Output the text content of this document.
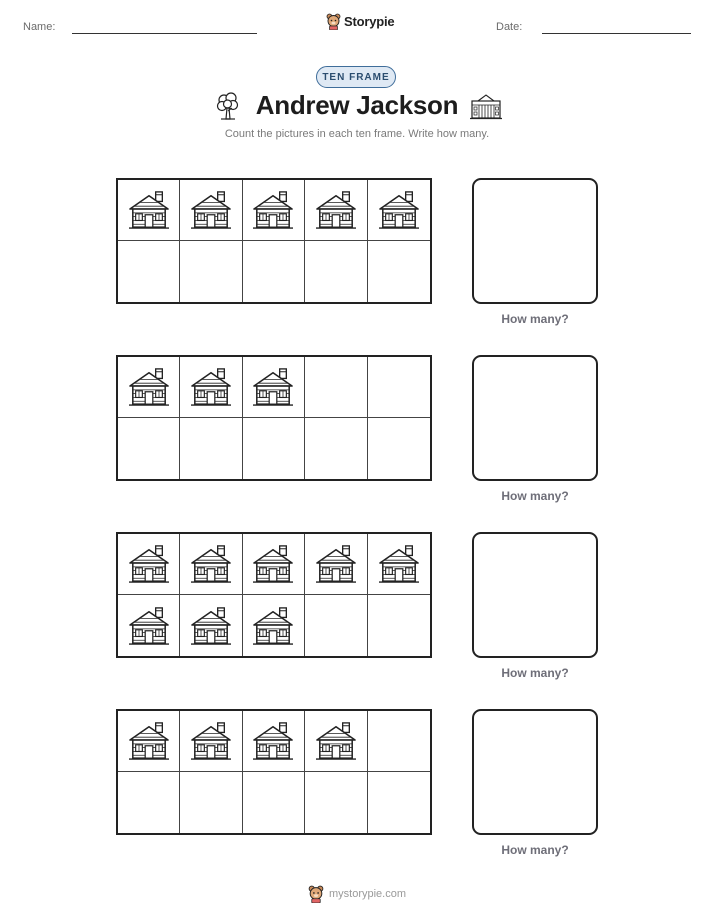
Name:	Storypie	Date:
TEN FRAME
Andrew Jackson
Count the pictures in each ten frame. Write how many.
How many?
How many?
How many?
How many?
mystorypie.com
